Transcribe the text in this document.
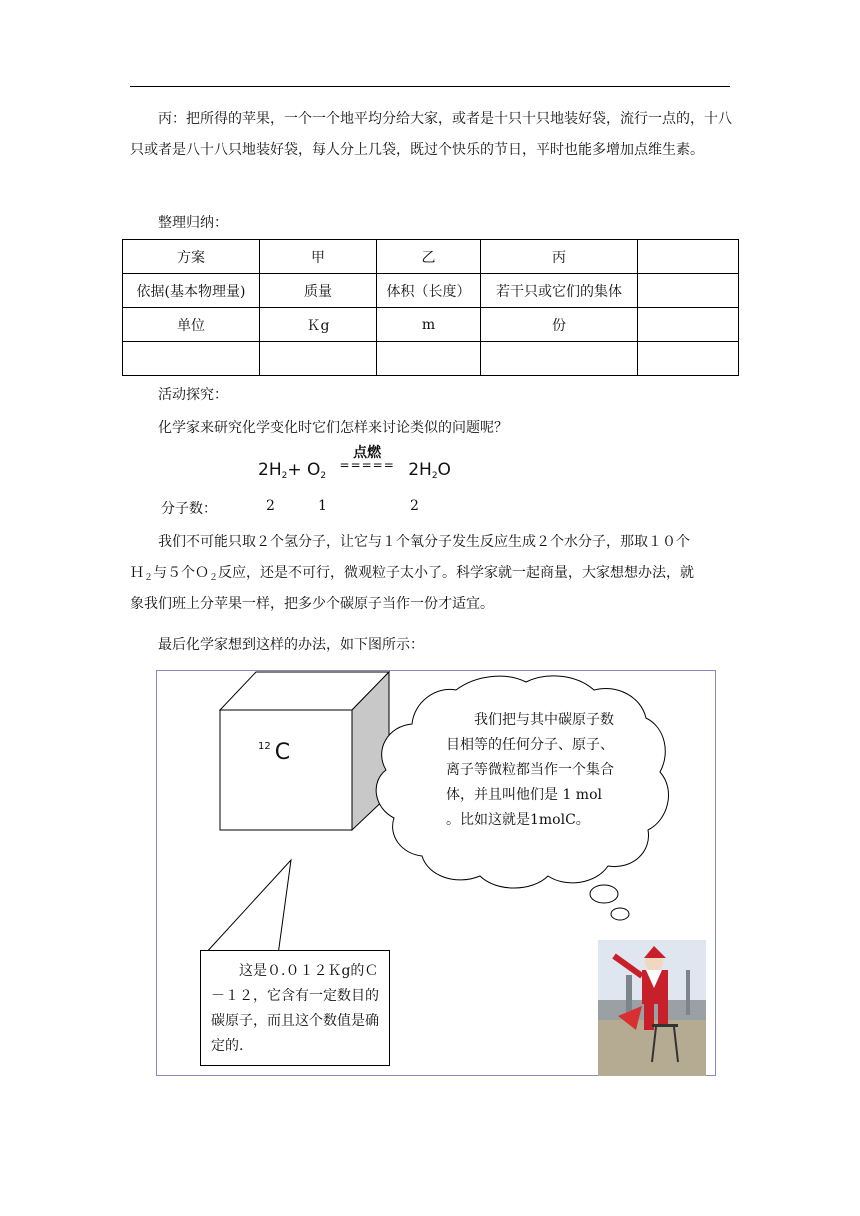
丙：把所得的苹果，一个一个地平均分给大家，或者是十只十只地装好袋，流行一点的，十八只或者是八十八只地装好袋，每人分上几袋，既过个快乐的节日，平时也能多增加点维生素。

整理归纳：

方案	甲	乙	丙	
依据(基本物理量)	质量	体积（长度）	若干只或它们的集体	
单位	Ｋg	m	份	

活动探究：

化学家来研究化学变化时它们怎样来讨论类似的问题呢？

$2H_2+ O_2$
点燃
===== $2H_2O$
分子数：	2	1	2

我们不可能只取２个氢分子，让它与１个氧分子发生反应生成２个水分子，那取１０个

Ｈ$_2$与５个Ｏ$_2$反应，还是不可行，微观粒子太小了。科学家就一起商量，大家想想办法，就

象我们班上分苹果一样，把多少个碳原子当作一份才适宜。

最后化学家想到这样的办法，如下图所示：

$^{12}$ C
我们把与其中碳原子数目相等的任何分子、原子、离子等微粒都当作一个集合体，并且叫他们是 1 mol 。比如这就是1molC。
这是０.０１２Ｋg的Ｃ－１２，它含有一定数目的碳原子，而且这个数值是确定的.
